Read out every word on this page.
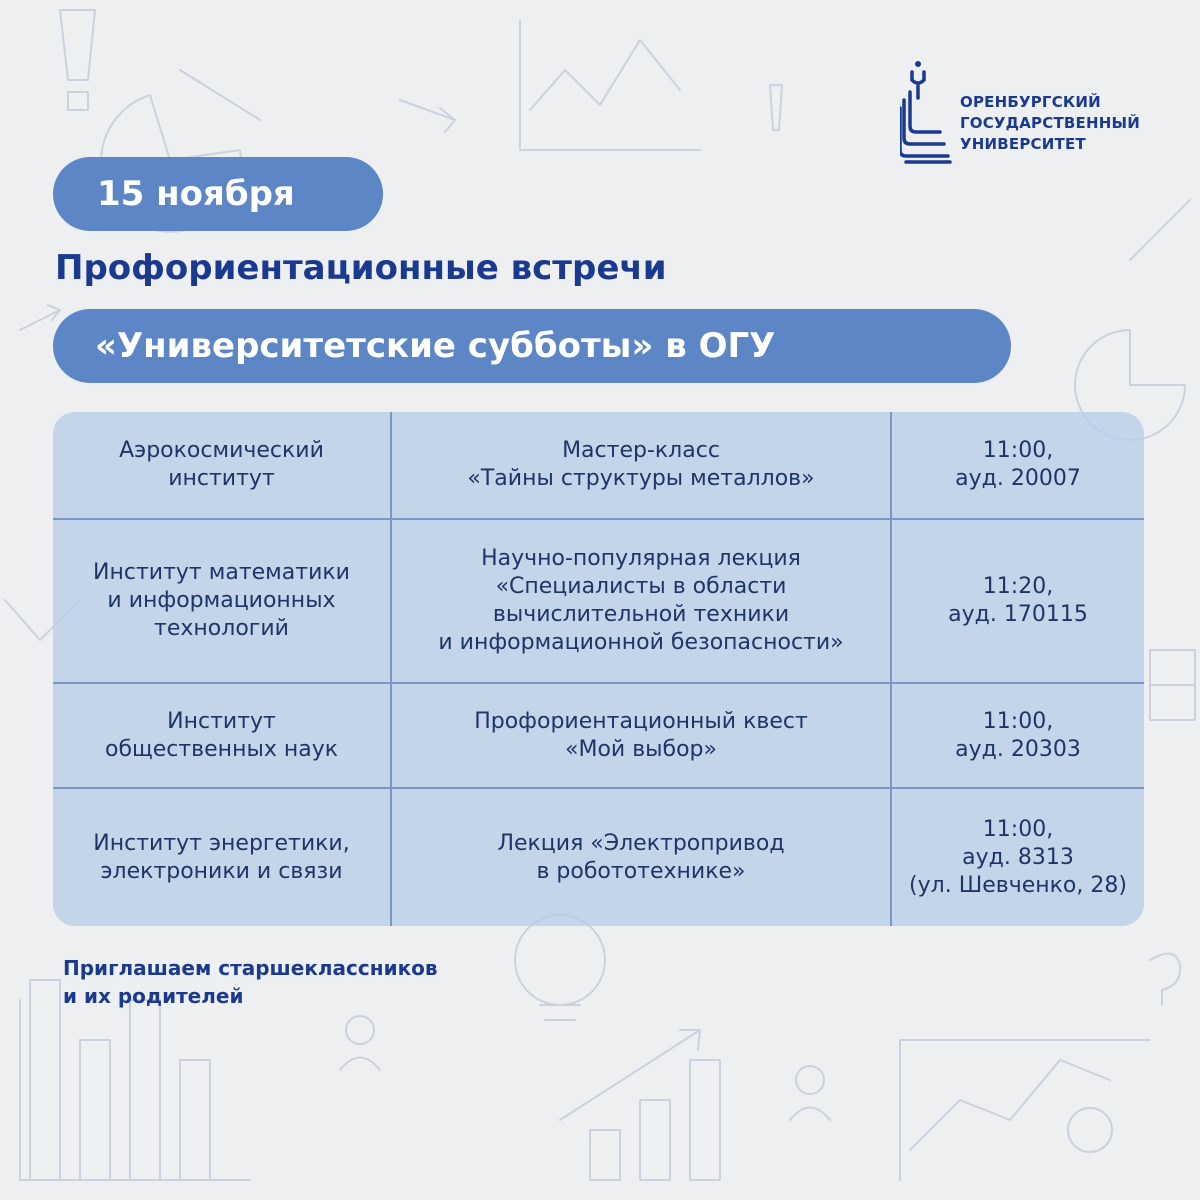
ОРЕНБУРГСКИЙ
ГОСУДАРСТВЕННЫЙ
УНИВЕРСИТЕТ
15 ноября
Профориентационные встречи
«Университетские субботы» в ОГУ
Аэрокосмический
институт
Мастер-класс
«Тайны структуры металлов»
11:00,
ауд. 20007
Институт математики
и информационных
технологий
Научно-популярная лекция
«Специалисты в области
вычислительной техники
и информационной безопасности»
11:20,
ауд. 170115
Институт
общественных наук
Профориентационный квест
«Мой выбор»
11:00,
ауд. 20303
Институт энергетики,
электроники и связи
Лекция «Электропривод
в робототехнике»
11:00,
ауд. 8313
(ул. Шевченко, 28)
Приглашаем старшеклассников
и их родителей
